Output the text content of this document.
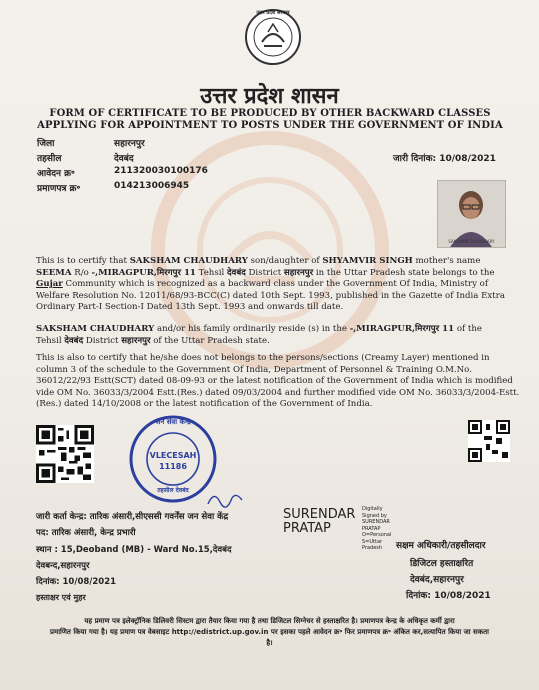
उत्तर प्रदेश सरकार
उत्तर प्रदेश शासन
FORM OF CERTIFICATE TO BE PRODUCED BY OTHER BACKWARD CLASSES
APPLYING FOR APPOINTMENT TO POSTS UNDER THE GOVERNMENT OF INDIA
जिला	सहारनपुर
तहसील	देवबंद
आवेदन क्र॰	211320030100176
प्रमाणपत्र क्र॰	014213006945
जारी दिनांक: 10/08/2021
SAKSHAM CHAUDHARY
This is to certify that SAKSHAM CHAUDHARY son/daughter of SHYAMVIR SINGH mother's name
SEEMA R/o -,MIRAGPUR,मिरगपुर 11 Tehsil देवबंद District सहारनपुर in the Uttar Pradesh state belongs to the Gujar Community which is recognized as a backward class under the Government Of India, Ministry of Welfare Resolution No. 12011/68/93-BCC(C) dated 10th Sept. 1993, published in the Gazette of India Extra Ordinary Part-I Section-I Dated 13th Sept. 1993 and onwards till date.
SAKSHAM CHAUDHARY and/or his family ordinarily reside (s) in the -,MIRAGPUR,मिरगपुर 11 of the
Tehsil देवबंद District सहारनपुर of the Uttar Pradesh state.
This is also to certify that he/she does not belongs to the persons/sections (Creamy Layer) mentioned in column 3 of the schedule to the Government Of India, Department of Personnel & Training O.M.No. 36012/22/93 Estt(SCT) dated 08-09-93 or the latest notification of the Government of India which is modified vide OM No. 36033/3/2004 Estt.(Res.) dated 09/03/2004 and further modified vide OM No. 36033/3/2004-Estt. (Res.) dated 14/10/2008 or the latest notification of the Government of India.
जन सेवा केन्द्र
VLECESAH
11186
तहसील देवबंद
SURENDAR PRATAP
Digitally
Signed by
SURENDAR
PRATAP
O=Personal
S=Uttar
Pradesh	सक्षम अधिकारी/तहसीलदार
डिजिटल हस्ताक्षरित
देवबंद,सहारनपुर
दिनांक: 10/08/2021
जारी कर्ता केन्द्र: तारिक अंसारी,सीएससी गवर्नेंस जन सेवा केंद्र
पद: तारिक अंसारी, केन्द्र प्रभारी
स्थान : 15,Deoband (MB) - Ward No.15,देवबंद
देवबन्द,सहारनपुर
दिनांक: 10/08/2021
हस्ताक्षर एवं मुहर
यह प्रमाण पत्र इलेक्ट्रॉनिक डिलिवरी सिस्टम द्वारा तैयार किया गया है तथा डिजिटल सिग्नेचर से हस्ताक्षरित है। प्रमाणपत्र केन्द्र के अधिकृत कर्मी द्वारा
प्रमाणित किया गया है। यह प्रमाण पत्र वेबसाइट http://edistrict.up.gov.in पर इसका पहले आवेदन क्र॰ फिर प्रमाणपत्र क्र॰ अंकित कर,सत्यापित किया जा सकता
है।
